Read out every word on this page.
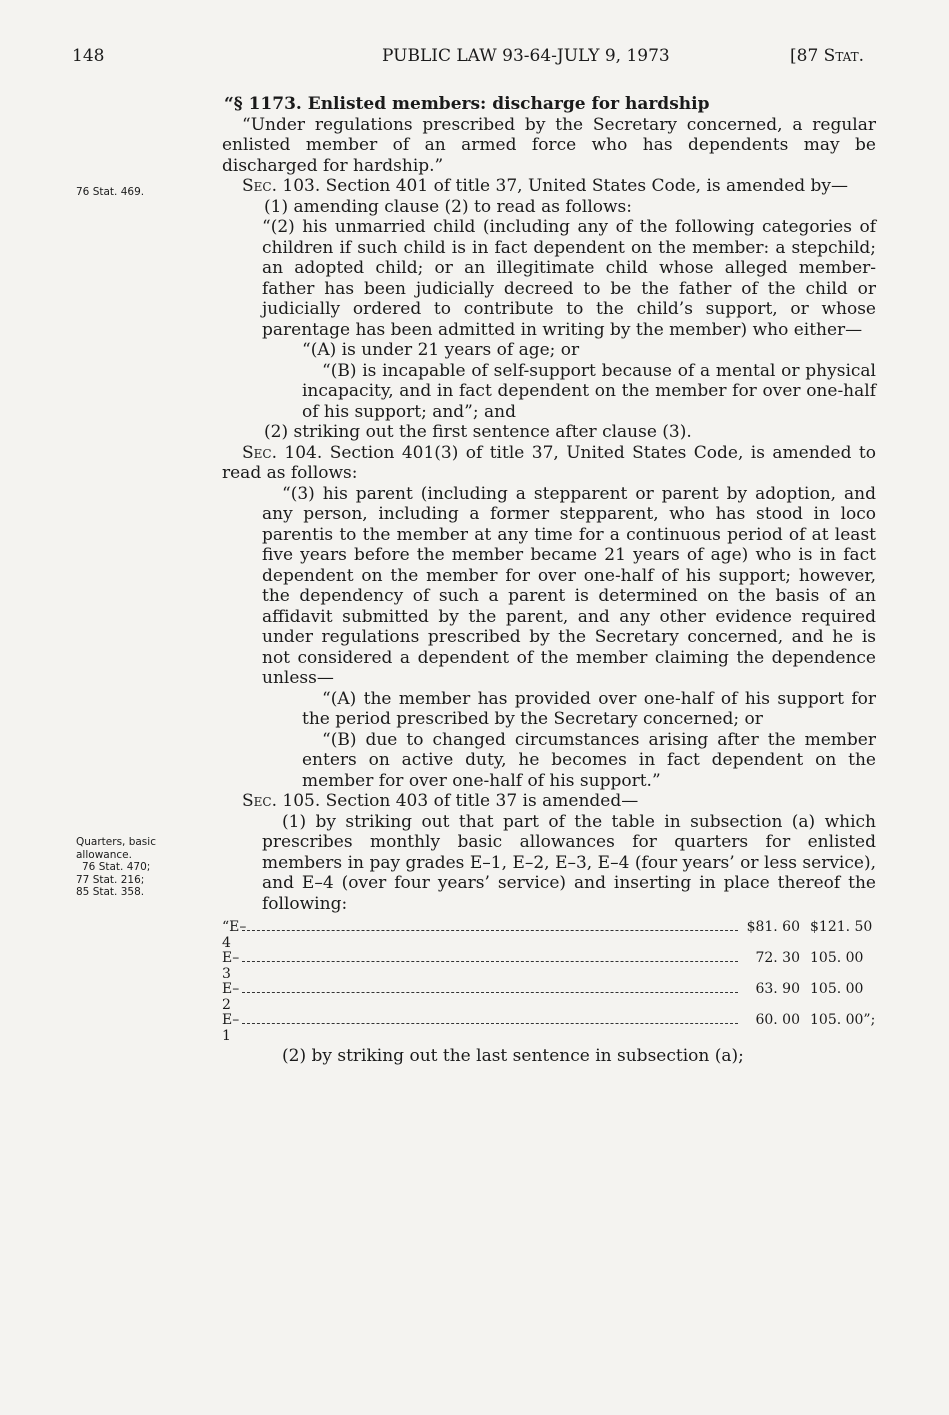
148	PUBLIC LAW 93-64-JULY 9, 1973	[87 Stat.
76 Stat. 469.
Quarters, basic
allowance.
76 Stat. 470;
77 Stat. 216;
85 Stat. 358.

“§ 1173. Enlisted members: discharge for hardship

“Under regulations prescribed by the Secretary concerned, a regular enlisted member of an armed force who has dependents may be discharged for hardship.”

Sec. 103. Section 401 of title 37, United States Code, is amended by—

(1) amending clause (2) to read as follows:

“(2) his unmarried child (including any of the following categories of children if such child is in fact dependent on the member: a stepchild; an adopted child; or an illegitimate child whose alleged member-father has been judicially decreed to be the father of the child or judicially ordered to contribute to the child’s support, or whose parentage has been admitted in writing by the member) who either—

“(A) is under 21 years of age; or

“(B) is incapable of self-support because of a mental or physical incapacity, and in fact dependent on the member for over one-half of his support; and”; and

(2) striking out the first sentence after clause (3).

Sec. 104. Section 401(3) of title 37, United States Code, is amended to read as follows:

“(3) his parent (including a stepparent or parent by adoption, and any person, including a former stepparent, who has stood in loco parentis to the member at any time for a continuous period of at least five years before the member became 21 years of age) who is in fact dependent on the member for over one-half of his support; however, the dependency of such a parent is determined on the basis of an affidavit submitted by the parent, and any other evidence required under regulations prescribed by the Secretary concerned, and he is not considered a dependent of the member claiming the dependence unless—

“(A) the member has provided over one-half of his support for the period prescribed by the Secretary concerned; or

“(B) due to changed circumstances arising after the member enters on active duty, he becomes in fact dependent on the member for over one-half of his support.”

Sec. 105. Section 403 of title 37 is amended—

(1) by striking out that part of the table in subsection (a) which prescribes monthly basic allowances for quarters for enlisted members in pay grades E–1, E–2, E–3, E–4 (four years’ or less service), and E–4 (over four years’ service) and inserting in place thereof the following:

“E–4
$81. 60 $121. 50
E–3
72. 30 105. 00
E–2
63. 90 105. 00
E–1
60. 00 105. 00”;

(2) by striking out the last sentence in subsection (a);
